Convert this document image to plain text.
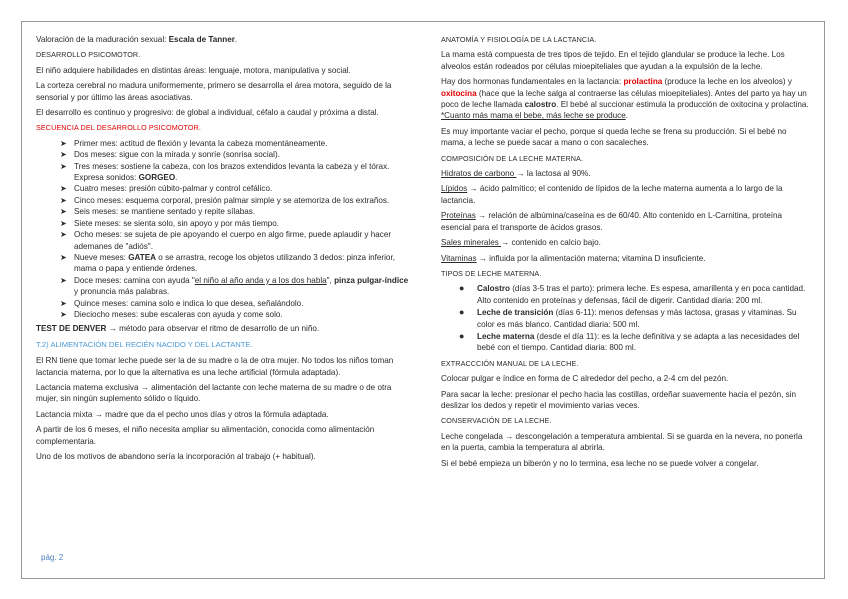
Valoración de la maduración sexual: Escala de Tanner.

DESARROLLO PSICOMOTOR.

El niño adquiere habilidades en distintas áreas: lenguaje, motora, manipulativa y social.

La corteza cerebral no madura uniformemente, primero se desarrolla el área motora, seguido de la sensorial y por último las áreas asociativas.

El desarrollo es continuo y progresivo: de global a individual, céfalo a caudal y próxima a distal.

SECUENCIA DEL DESARROLLO PSICOMOTOR.

➤ Primer mes: actitud de flexión y levanta la cabeza momentáneamente.
➤ Dos meses: sigue con la mirada y sonríe (sonrisa social).
➤ Tres meses: sostiene la cabeza, con los brazos extendidos levanta la cabeza y el tórax. Expresa sonidos: GORGEO.
➤ Cuatro meses: presión cúbito-palmar y control cefálico.
➤ Cinco meses: esquema corporal, presión palmar simple y se atemoriza de los extraños.
➤ Seis meses: se mantiene sentado y repite sílabas.
➤ Siete meses: se sienta solo, sin apoyo y por más tiempo.
➤ Ocho meses: se sujeta de pie apoyando el cuerpo en algo firme, puede aplaudir y hacer ademanes de "adiós".
➤ Nueve meses: GATEA o se arrastra, recoge los objetos utilizando 3 dedos: pinza inferior, mama o papa y entiende órdenes.
➤ Doce meses: camina con ayuda "el niño al año anda y a los dos habla", pinza pulgar-índice y pronuncia más palabras.
➤ Quince meses: camina solo e indica lo que desea, señalándolo.
➤ Dieciocho meses: sube escaleras con ayuda y come solo.

TEST DE DENVER → método para observar el ritmo de desarrollo de un niño.

T.2) ALIMENTACIÓN DEL RECIÉN NACIDO Y DEL LACTANTE.

El RN tiene que tomar leche puede ser la de su madre o la de otra mujer. No todos los niños toman lactancia materna, por lo que la alternativa es una leche artificial (fórmula adaptada).

Lactancia materna exclusiva → alimentación del lactante con leche materna de su madre o de otra mujer, sin ningún suplemento sólido o líquido.

Lactancia mixta → madre que da el pecho unos días y otros la fórmula adaptada.

A partir de los 6 meses, el niño necesita ampliar su alimentación, conocida como alimentación complementaria.

Uno de los motivos de abandono sería la incorporación al trabajo (+ habitual).

pág. 2

ANATOMÍA Y FISIOLOGÍA DE LA LACTANCIA.

La mama está compuesta de tres tipos de tejido. En el tejido glandular se produce la leche. Los alveolos están rodeados por células mioepiteliales que ayudan a la expulsión de la leche.

Hay dos hormonas fundamentales en la lactancia: prolactina (produce la leche en los alveolos) y oxitocina (hace que la leche salga al contraerse las células mioepiteliales). Antes del parto ya hay un poco de leche llamada calostro. El bebé al succionar estimula la producción de oxitocina y prolactina. *Cuanto más mama el bebe, más leche se produce.

Es muy importante vaciar el pecho, porque si queda leche se frena su producción. Si el bebé no mama, a leche se puede sacar a mano o con sacaleches.

COMPOSICIÓN DE LA LECHE MATERNA.

Hidratos de carbono → la lactosa al 90%.

Lípidos → ácido palmítico; el contenido de lípidos de la leche materna aumenta a lo largo de la lactancia.

Proteínas → relación de albúmina/caseína es de 60/40. Alto contenido en L-Carnitina, proteína esencial para el transporte de ácidos grasos.

Sales minerales → contenido en calcio bajo.

Vitaminas → influida por la alimentación materna; vitamina D insuficiente.

TIPOS DE LECHE MATERNA.

● Calostro (días 3-5 tras el parto): primera leche. Es espesa, amarillenta y en poca cantidad. Alto contenido en proteínas y defensas, fácil de digerir. Cantidad diaria: 200 ml.
● Leche de transición (días 6-11): menos defensas y más lactosa, grasas y vitaminas. Su color es más blanco. Cantidad diaria: 500 ml.
● Leche materna (desde el día 11): es la leche definitiva y se adapta a las necesidades del bebé con el tiempo. Cantidad diaria: 800 ml.

EXTRACCCIÓN MANUAL DE LA LECHE.

Colocar pulgar e índice en forma de C alrededor del pecho, a 2-4 cm del pezón.

Para sacar la leche: presionar el pecho hacia las costillas, ordeñar suavemente hacia el pezón, sin deslizar los dedos y repetir el movimiento varias veces.

CONSERVACIÓN DE LA LECHE.

Leche congelada → descongelación a temperatura ambiental. Si se guarda en la nevera, no ponerla en la puerta, cambia la temperatura al abrirla.

Si el bebé empieza un biberón y no lo termina, esa leche no se puede volver a congelar.
